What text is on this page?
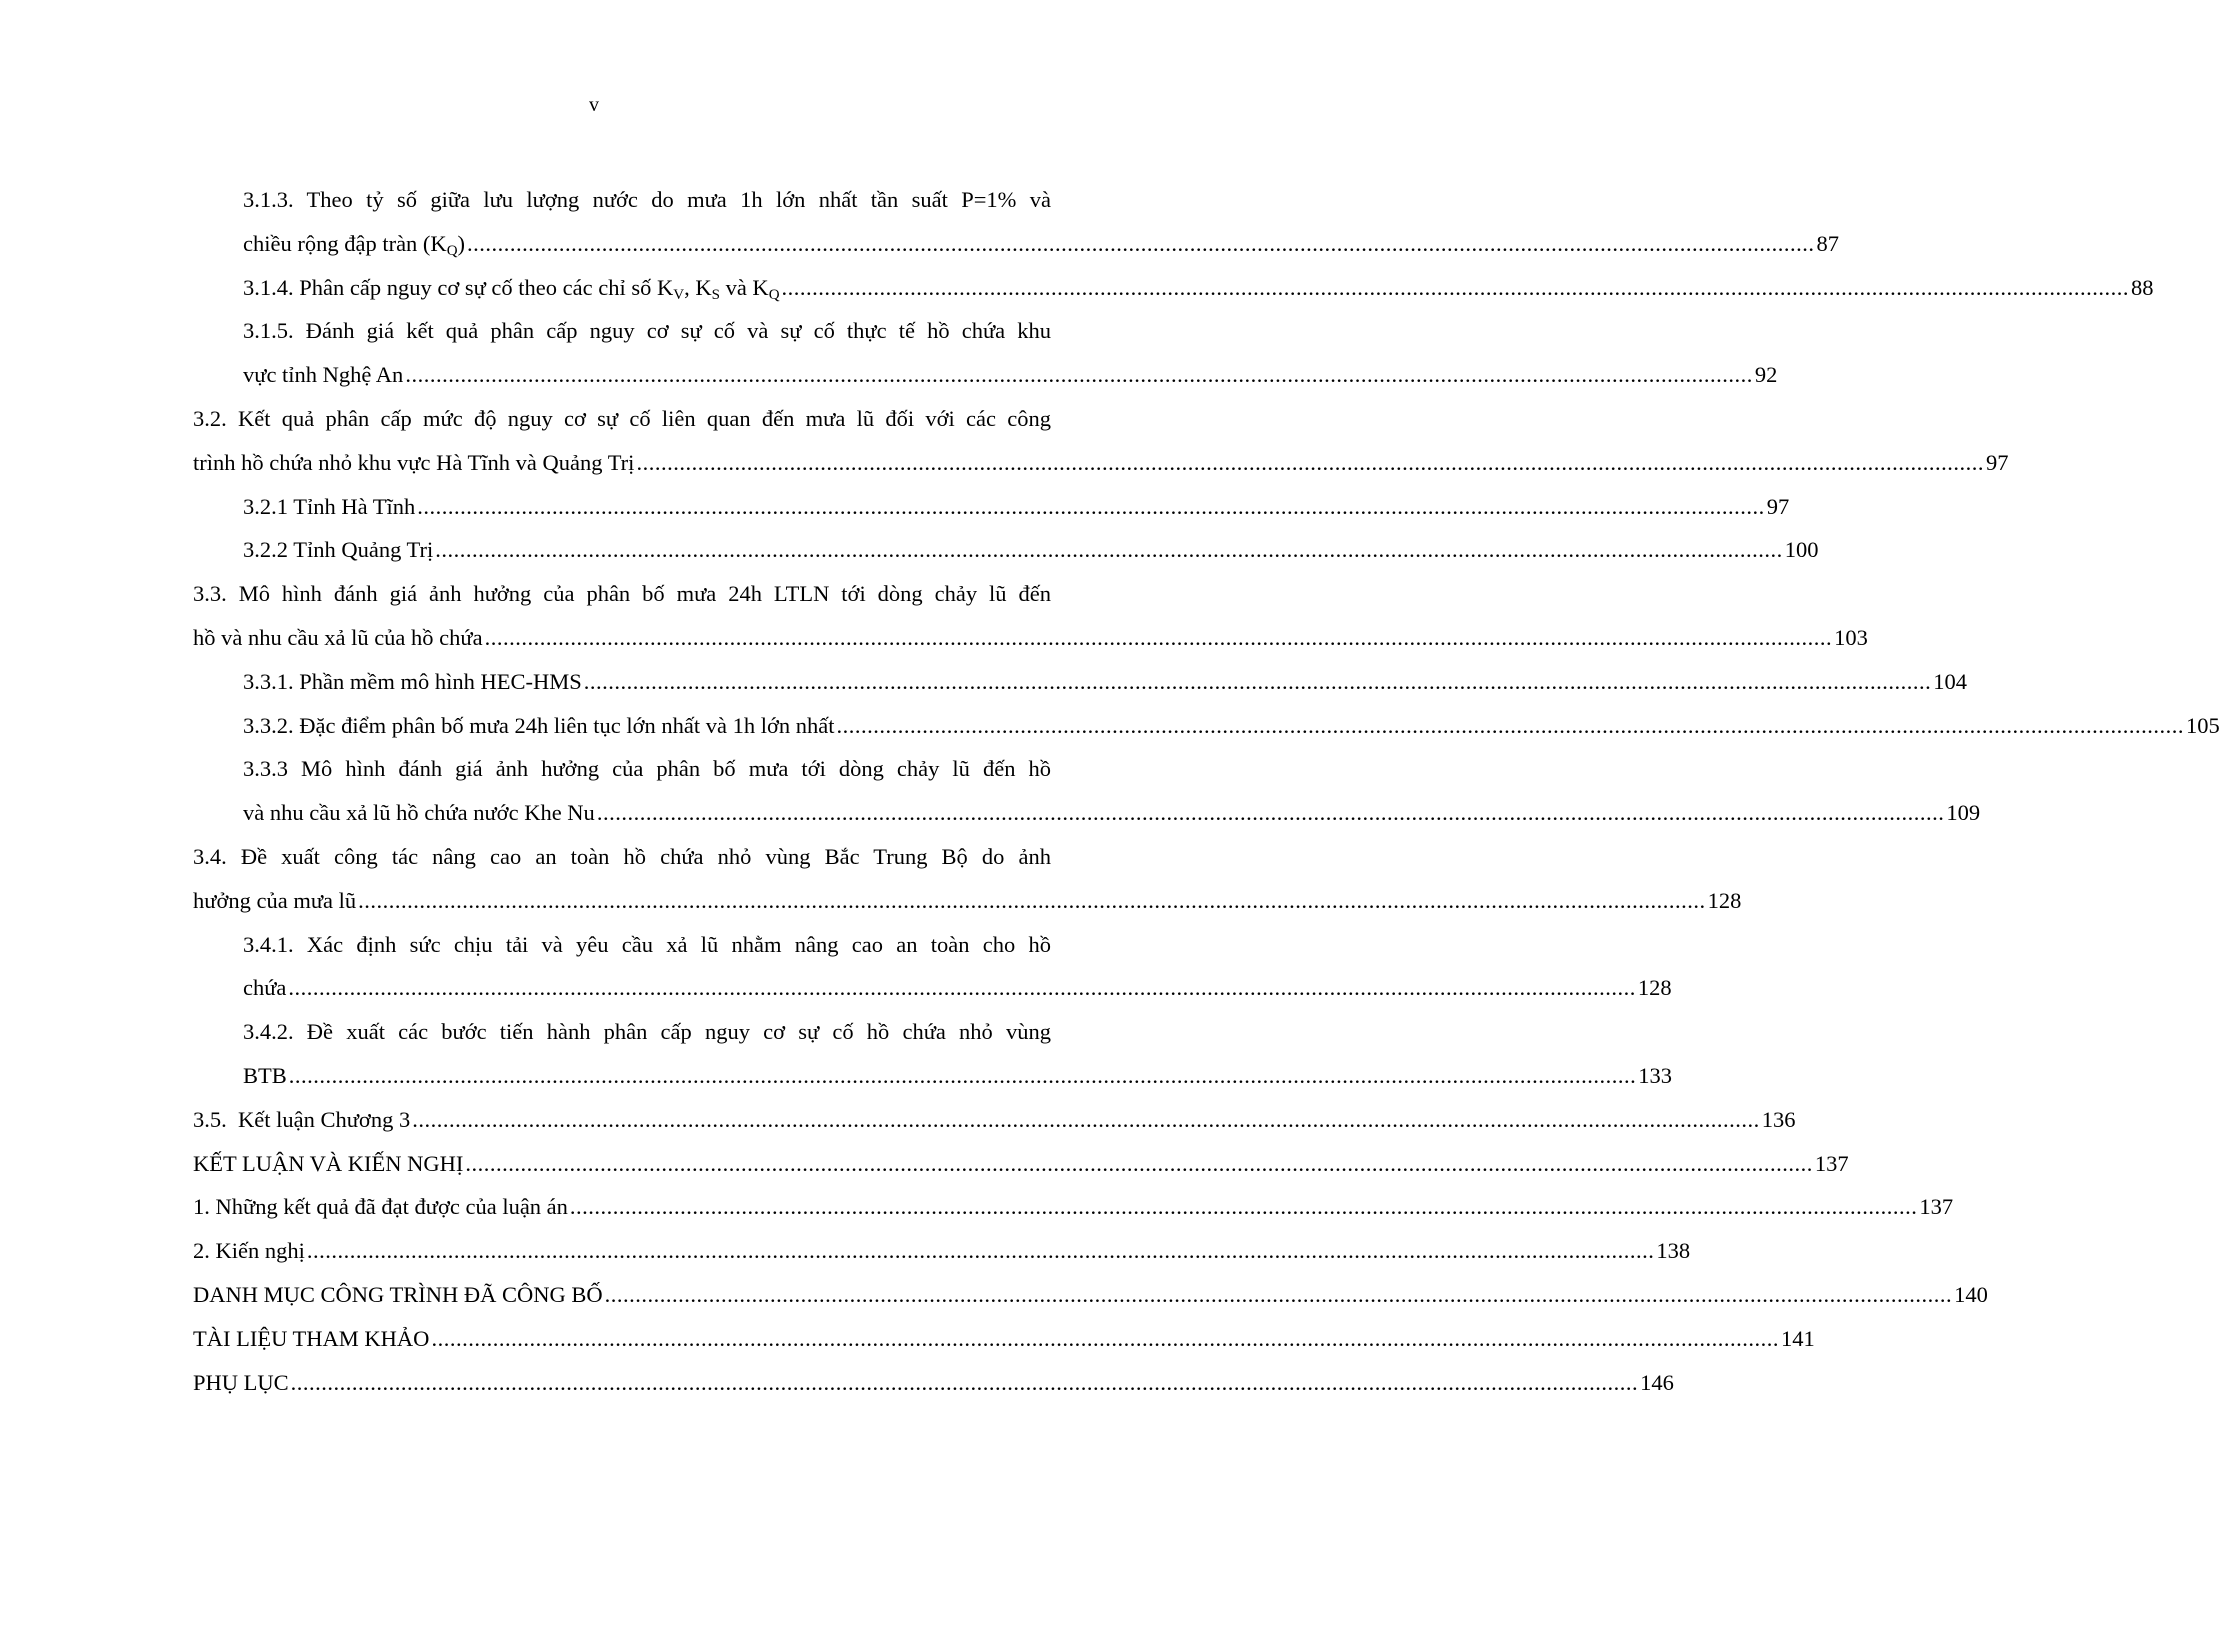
v
3.1.3. Theo tỷ số giữa lưu lượng nước do mưa 1h lớn nhất tần suất P=1% và
chiều rộng đập tràn $(K_Q)$ ............................................................................................................................................................................................................................ 87
3.1.4. Phân cấp nguy cơ sự cố theo các chỉ số $K_V$, $K_S$ và $K_Q$ ............................................................................................................................................................................................................................ 88
3.1.5. Đánh giá kết quả phân cấp nguy cơ sự cố và sự cố thực tế hồ chứa khu
vực tỉnh Nghệ An ............................................................................................................................................................................................................................ 92
3.2. Kết quả phân cấp mức độ nguy cơ sự cố liên quan đến mưa lũ đối với các công
trình hồ chứa nhỏ khu vực Hà Tĩnh và Quảng Trị ............................................................................................................................................................................................................................ 97
3.2.1 Tỉnh Hà Tĩnh ............................................................................................................................................................................................................................ 97
3.2.2 Tỉnh Quảng Trị ............................................................................................................................................................................................................................ 100
3.3. Mô hình đánh giá ảnh hưởng của phân bố mưa 24h LTLN tới dòng chảy lũ đến
hồ và nhu cầu xả lũ của hồ chứa ............................................................................................................................................................................................................................ 103
3.3.1. Phần mềm mô hình HEC-HMS ............................................................................................................................................................................................................................ 104
3.3.2. Đặc điểm phân bố mưa 24h liên tục lớn nhất và 1h lớn nhất ............................................................................................................................................................................................................................ 105
3.3.3 Mô hình đánh giá ảnh hưởng của phân bố mưa tới dòng chảy lũ đến hồ
và nhu cầu xả lũ hồ chứa nước Khe Nu ............................................................................................................................................................................................................................ 109
3.4. Đề xuất công tác nâng cao an toàn hồ chứa nhỏ vùng Bắc Trung Bộ do ảnh
hưởng của mưa lũ ............................................................................................................................................................................................................................ 128
3.4.1. Xác định sức chịu tải và yêu cầu xả lũ nhằm nâng cao an toàn cho hồ
chứa ............................................................................................................................................................................................................................ 128
3.4.2. Đề xuất các bước tiến hành phân cấp nguy cơ sự cố hồ chứa nhỏ vùng
BTB ............................................................................................................................................................................................................................ 133
3.5.  Kết luận Chương 3 ............................................................................................................................................................................................................................ 136
KẾT LUẬN VÀ KIẾN NGHỊ ............................................................................................................................................................................................................................ 137
1. Những kết quả đã đạt được của luận án ............................................................................................................................................................................................................................ 137
2. Kiến nghị ............................................................................................................................................................................................................................ 138
DANH MỤC CÔNG TRÌNH ĐÃ CÔNG BỐ ............................................................................................................................................................................................................................ 140
TÀI LIỆU THAM KHẢO ............................................................................................................................................................................................................................ 141
PHỤ LỤC ............................................................................................................................................................................................................................ 146
